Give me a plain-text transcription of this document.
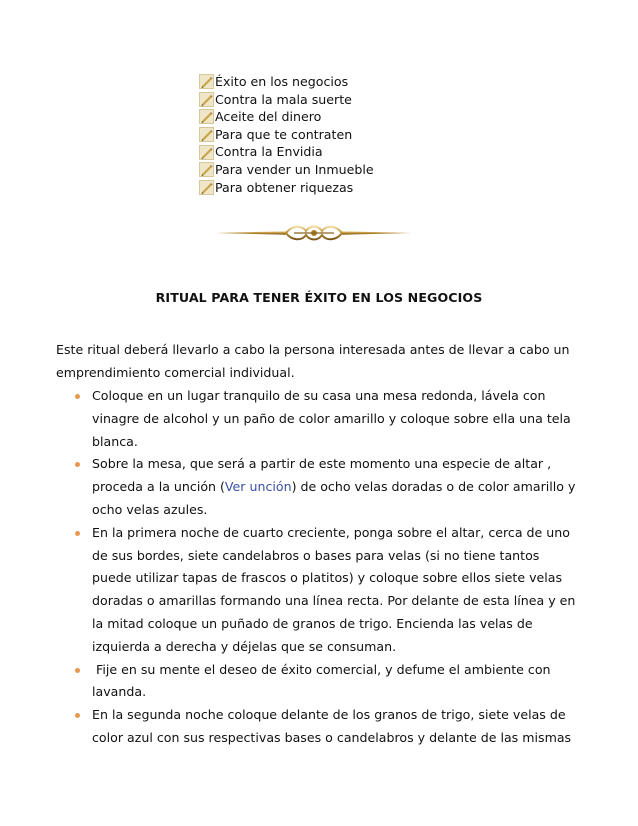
Éxito en los negocios
Contra la mala suerte
Aceite del dinero
Para que te contraten
Contra la Envidia
Para vender un Inmueble
Para obtener riquezas
RITUAL PARA TENER ÉXITO EN LOS NEGOCIOS

Este ritual deberá llevarlo a cabo la persona interesada antes de llevar a cabo un emprendimiento comercial individual.

Coloque en un lugar tranquilo de su casa una mesa redonda, lávela con vinagre de alcohol y un paño de color amarillo y coloque sobre ella una tela blanca.
Sobre la mesa, que será a partir de este momento una especie de altar , proceda a la unción (Ver unción) de ocho velas doradas o de color amarillo y ocho velas azules.
En la primera noche de cuarto creciente, ponga sobre el altar, cerca de uno de sus bordes, siete candelabros o bases para velas (si no tiene tantos puede utilizar tapas de frascos o platitos) y coloque sobre ellos siete velas doradas o amarillas formando una línea recta. Por delante de esta línea y en la mitad coloque un puñado de granos de trigo. Encienda las velas de izquierda a derecha y déjelas que se consuman.
Fije en su mente el deseo de éxito comercial, y defume el ambiente con lavanda.
En la segunda noche coloque delante de los granos de trigo, siete velas de color azul con sus respectivas bases o candelabros y delante de las mismas
